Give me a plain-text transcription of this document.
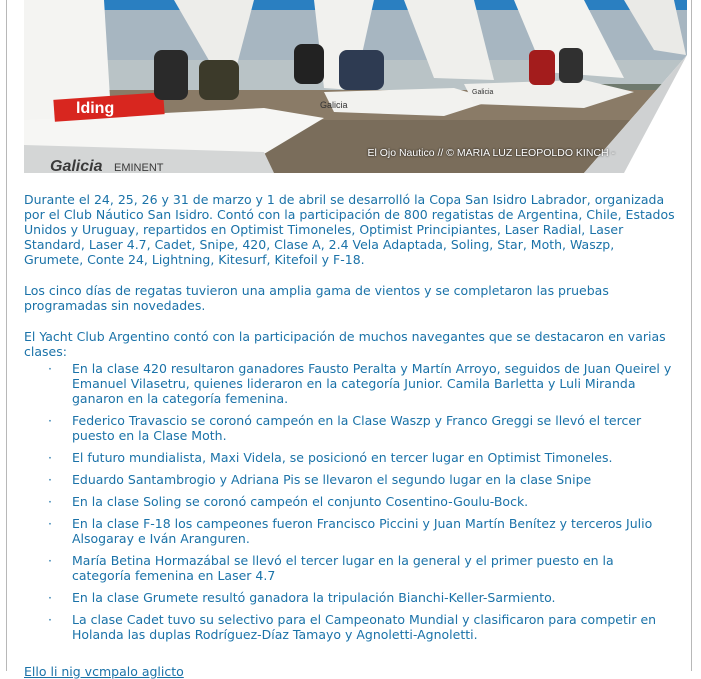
lding	Galicia
Galicia
Galicia EMINENT
El Ojo Nautico // © MARIA LUZ LEOPOLDO KINCH -

Durante el 24, 25, 26 y 31 de marzo y 1 de abril se desarrolló la Copa San Isidro Labrador, organizada por el Club Náutico San Isidro. Contó con la participación de 800 regatistas de Argentina, Chile, Estados Unidos y Uruguay, repartidos en Optimist Timoneles, Optimist Principiantes, Laser Radial, Laser Standard, Laser 4.7, Cadet, Snipe, 420, Clase A, 2.4 Vela Adaptada, Soling, Star, Moth, Waszp, Grumete, Conte 24, Lightning, Kitesurf, Kitefoil y F-18.

Los cinco días de regatas tuvieron una amplia gama de vientos y se completaron las pruebas programadas sin novedades.

El Yacht Club Argentino contó con la participación de muchos navegantes que se destacaron en varias clases:

· En la clase 420 resultaron ganadores Fausto Peralta y Martín Arroyo, seguidos de Juan Queirel y Emanuel Vilasetru, quienes lideraron en la categoría Junior. Camila Barletta y Luli Miranda ganaron en la categoría femenina.
· Federico Travascio se coronó campeón en la Clase Waszp y Franco Greggi se llevó el tercer puesto en la Clase Moth.
· El futuro mundialista, Maxi Videla, se posicionó en tercer lugar en Optimist Timoneles.
· Eduardo Santambrogio y Adriana Pis se llevaron el segundo lugar en la clase Snipe
· En la clase Soling se coronó campeón el conjunto Cosentino-Goulu-Bock.
· En la clase F-18 los campeones fueron Francisco Piccini y Juan Martín Benítez y terceros Julio Alsogaray e Iván Aranguren.
· María Betina Hormazábal se llevó el tercer lugar en la general y el primer puesto en la categoría femenina en Laser 4.7
· En la clase Grumete resultó ganadora la tripulación Bianchi-Keller-Sarmiento.
· La clase Cadet tuvo su selectivo para el Campeonato Mundial y clasificaron para competir en Holanda las duplas Rodríguez-Díaz Tamayo y Agnoletti-Agnoletti.
Ello li nig vcmpalo aglicto
